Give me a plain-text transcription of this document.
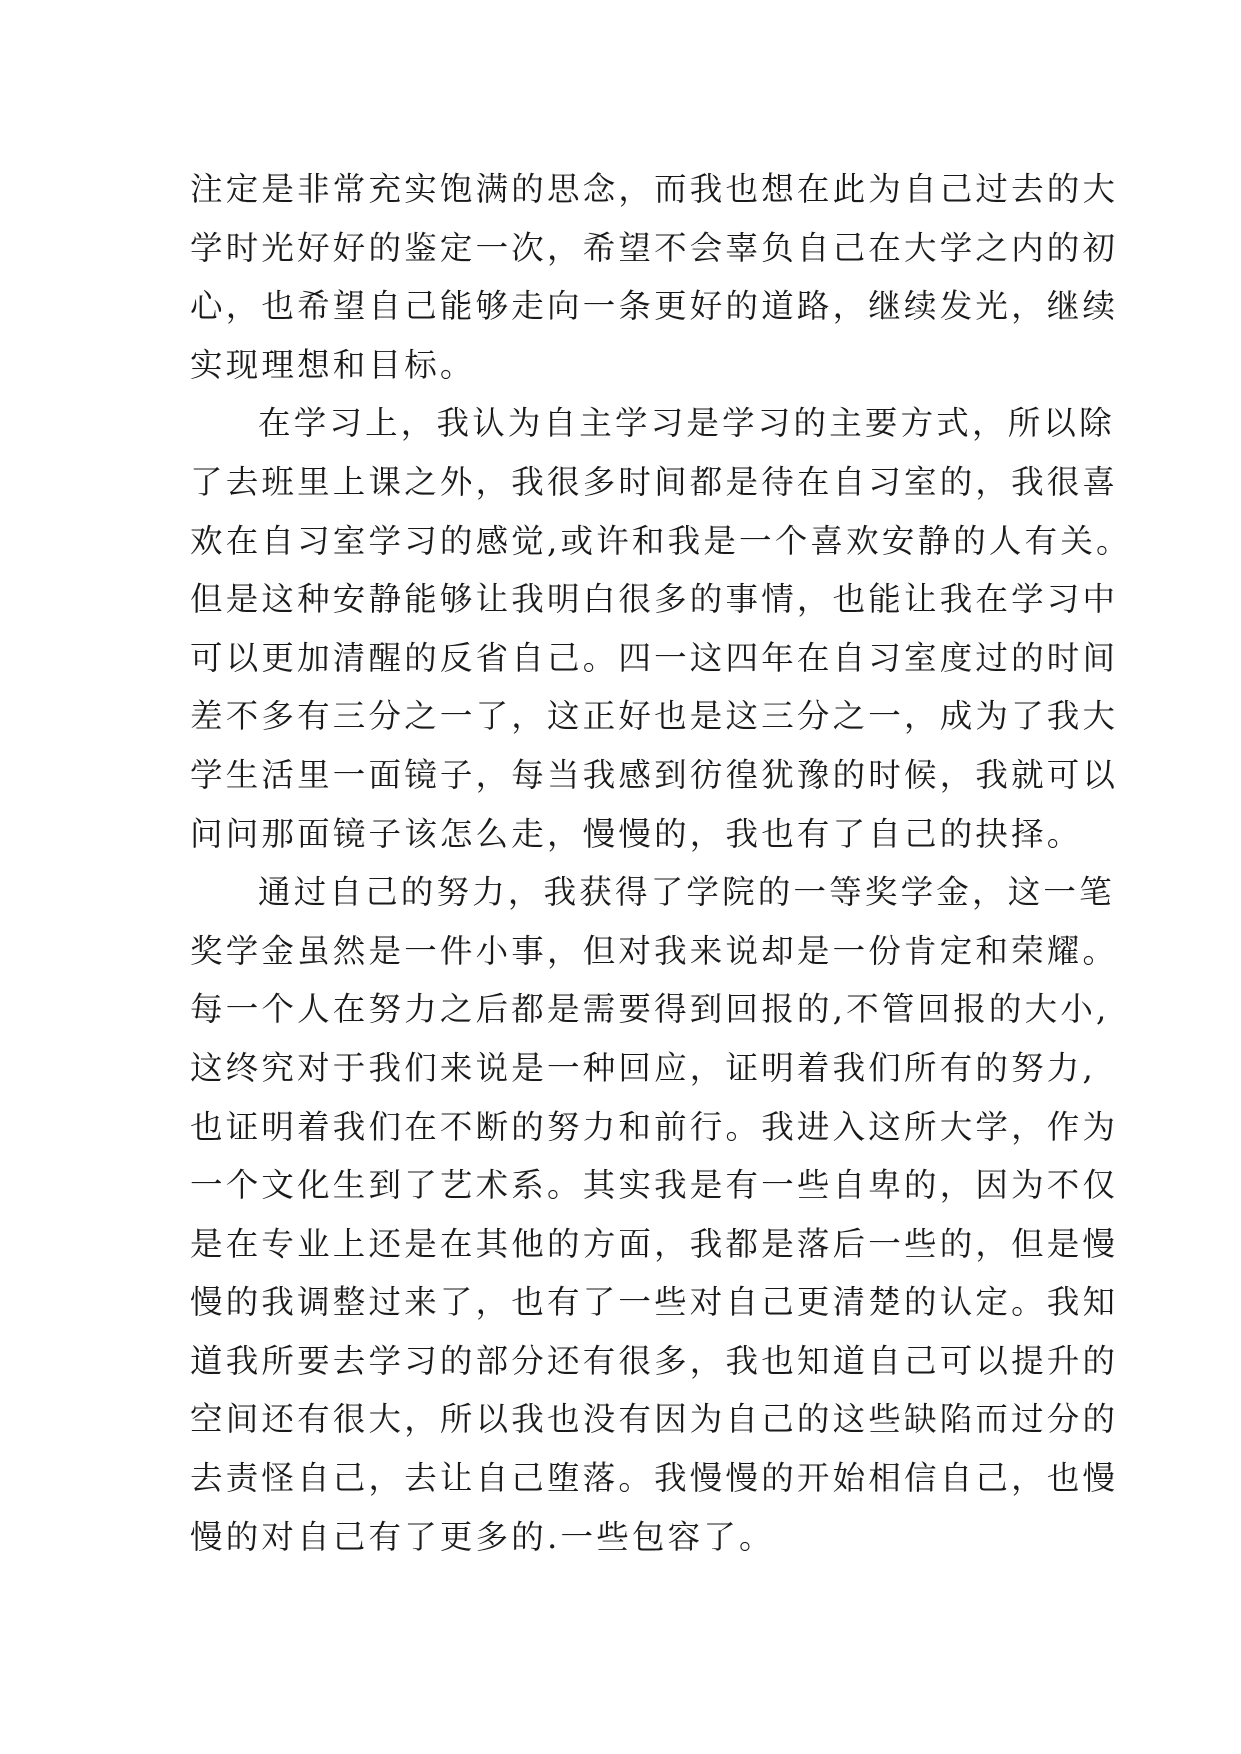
注定是非常充实饱满的思念，而我也想在此为自己过去的大
学时光好好的鉴定一次，希望不会辜负自己在大学之内的初
心，也希望自己能够走向一条更好的道路，继续发光，继续
实现理想和目标。
在学习上，我认为自主学习是学习的主要方式，所以除
了去班里上课之外，我很多时间都是待在自习室的，我很喜
欢在自习室学习的感觉,或许和我是一个喜欢安静的人有关。
但是这种安静能够让我明白很多的事情，也能让我在学习中
可以更加清醒的反省自己。四一这四年在自习室度过的时间
差不多有三分之一了，这正好也是这三分之一，成为了我大
学生活里一面镜子，每当我感到彷徨犹豫的时候，我就可以
问问那面镜子该怎么走，慢慢的，我也有了自己的抉择。
通过自己的努力，我获得了学院的一等奖学金，这一笔
奖学金虽然是一件小事，但对我来说却是一份肯定和荣耀。
每一个人在努力之后都是需要得到回报的,不管回报的大小,
这终究对于我们来说是一种回应，证明着我们所有的努力,
也证明着我们在不断的努力和前行。我进入这所大学，作为
一个文化生到了艺术系。其实我是有一些自卑的，因为不仅
是在专业上还是在其他的方面，我都是落后一些的，但是慢
慢的我调整过来了，也有了一些对自己更清楚的认定。我知
道我所要去学习的部分还有很多，我也知道自己可以提升的
空间还有很大，所以我也没有因为自己的这些缺陷而过分的
去责怪自己，去让自己堕落。我慢慢的开始相信自己，也慢
慢的对自己有了更多的.一些包容了。
